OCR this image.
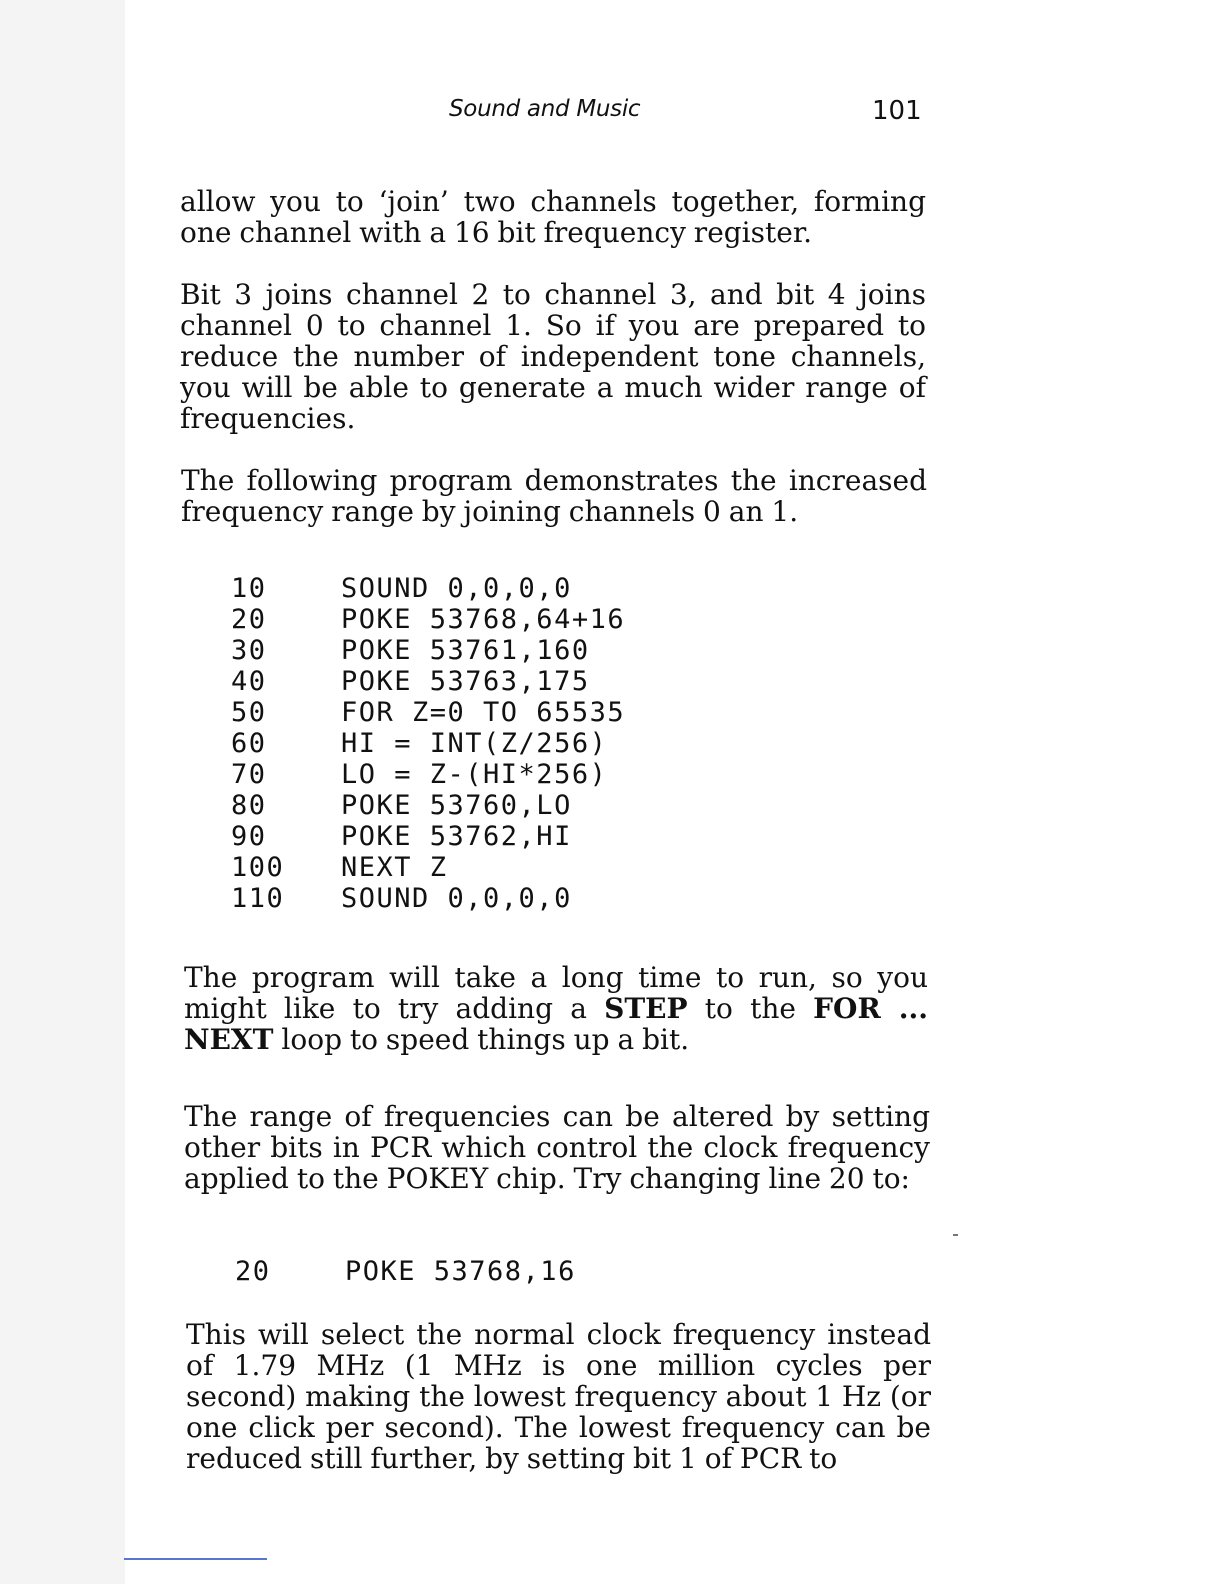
Sound and Music	101

allow you to ‘join’ two channels together, forming one channel with a 16 bit frequency register.

Bit 3 joins channel 2 to channel 3, and bit 4 joins channel 0 to channel 1. So if you are prepared to reduce the number of independent tone channels, you will be able to generate a much wider range of frequencies.

The following program demonstrates the increased frequency range by joining channels 0 an 1.

10	SOUND 0,0,0,0
20	POKE 53768,64+16
30	POKE 53761,160
40	POKE 53763,175
50	FOR Z=0 TO 65535
60	HI = INT(Z/256)
70	LO = Z-(HI*256)
80	POKE 53760,LO
90	POKE 53762,HI
100	NEXT Z
110	SOUND 0,0,0,0

The program will take a long time to run, so you might like to try adding a STEP to the FOR ... NEXT loop to speed things up a bit.

The range of frequencies can be altered by setting other bits in PCR which control the clock frequency applied to the POKEY chip. Try changing line 20 to:

20	POKE 53768,16

This will select the normal clock frequency instead of 1.79 MHz (1 MHz is one million cycles per second) making the lowest frequency about 1 Hz (or one click per second). The lowest frequency can be reduced still further, by setting bit 1 of PCR to
